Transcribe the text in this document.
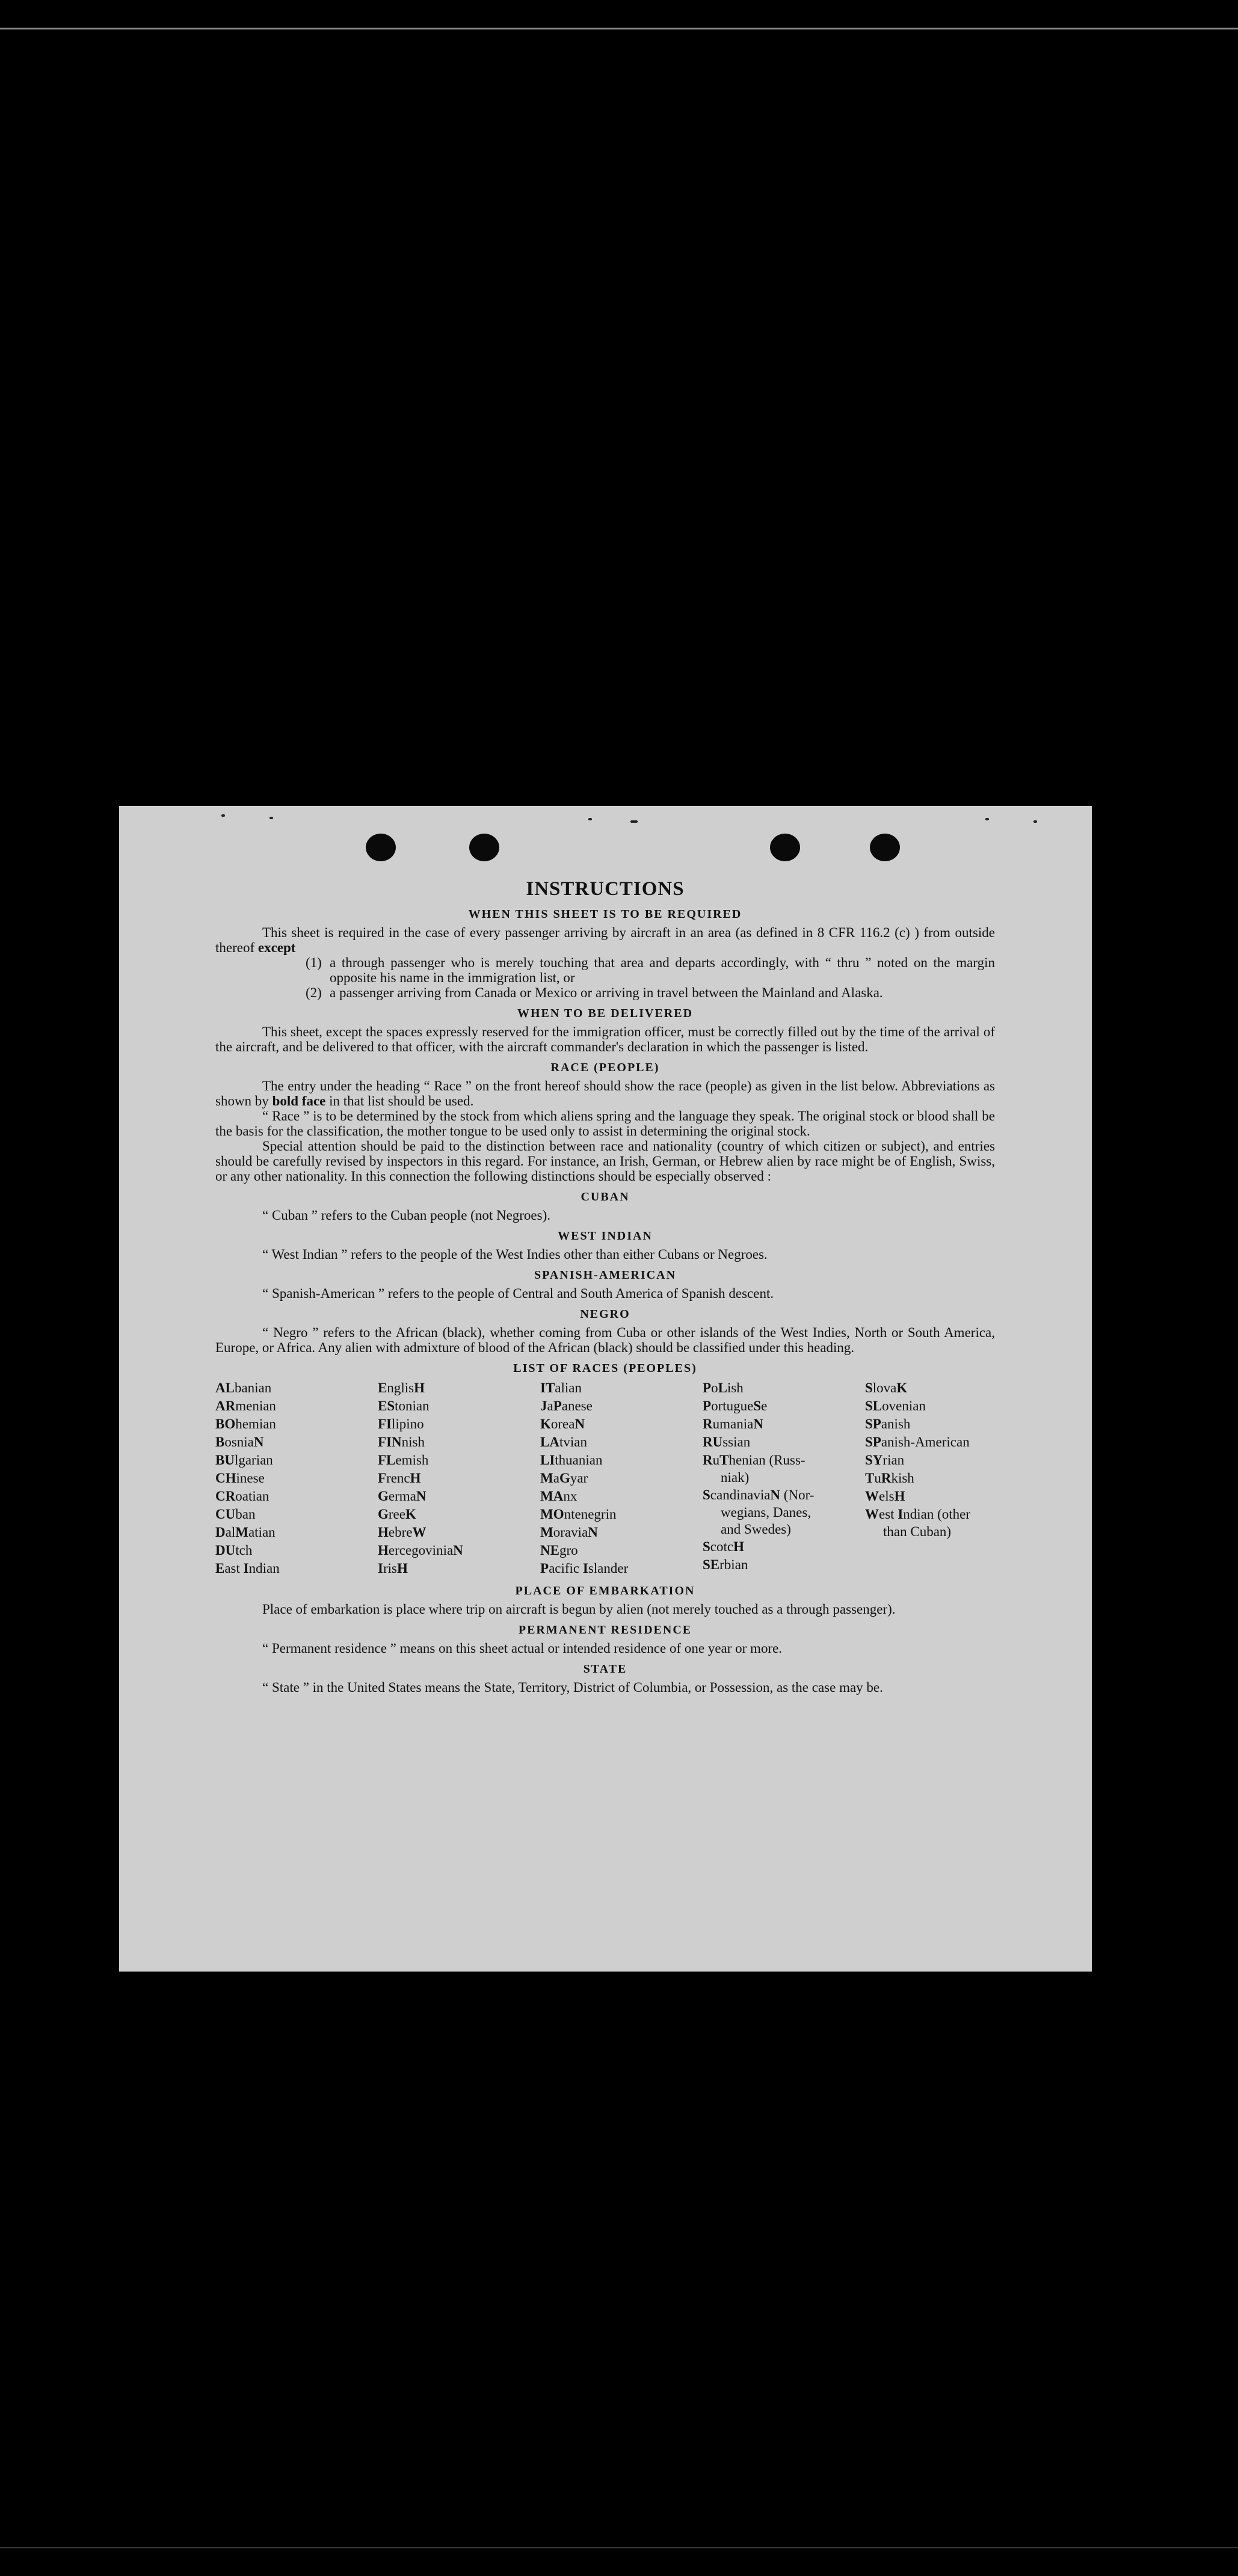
INSTRUCTIONS
WHEN THIS SHEET IS TO BE REQUIRED

This sheet is required in the case of every passenger arriving by aircraft in an area (as defined in 8 CFR 116.2 (c) ) from outside thereof except

(1) a through passenger who is merely touching that area and departs accordingly, with “ thru ” noted on the margin opposite his name in the immigration list, or
(2) a passenger arriving from Canada or Mexico or arriving in travel between the Mainland and Alaska.
WHEN TO BE DELIVERED

This sheet, except the spaces expressly reserved for the immigration officer, must be correctly filled out by the time of the arrival of the aircraft, and be delivered to that officer, with the aircraft commander's declaration in which the passenger is listed.

RACE (PEOPLE)

The entry under the heading “ Race ” on the front hereof should show the race (people) as given in the list below. Abbreviations as shown by bold face in that list should be used.

“ Race ” is to be determined by the stock from which aliens spring and the language they speak. The original stock or blood shall be the basis for the classification, the mother tongue to be used only to assist in determining the original stock.

Special attention should be paid to the distinction between race and nationality (country of which citizen or subject), and entries should be carefully revised by inspectors in this regard. For instance, an Irish, German, or Hebrew alien by race might be of English, Swiss, or any other nationality. In this connection the following distinctions should be especially observed :

CUBAN

“ Cuban ” refers to the Cuban people (not Negroes).

WEST INDIAN

“ West Indian ” refers to the people of the West Indies other than either Cubans or Negroes.

SPANISH-AMERICAN

“ Spanish-American ” refers to the people of Central and South America of Spanish descent.

NEGRO

“ Negro ” refers to the African (black), whether coming from Cuba or other islands of the West Indies, North or South America, Europe, or Africa. Any alien with admixture of blood of the African (black) should be classified under this heading.

LIST OF RACES (PEOPLES)
ALbanian
ARmenian
BOhemian
BosniaN
BUlgarian
CHinese
CRoatian
CUban
DalMatian
DUtch
East Indian
EnglisH
EStonian
FIlipino
FINnish
FLemish
FrencH
GermaN
GreeK
HebreW
HercegoviniaN
IrisH
ITalian
JaPanese
KoreaN
LAtvian
LIthuanian
MaGyar
MAnx
MOntenegrin
MoraviaN
NEgro
Pacific Islander
PoLish
PortugueSe
RumaniaN
RUssian
RuThenian (Russ-
niak)
ScandinaviaN (Nor-
wegians, Danes,
and Swedes)
ScotcH
SErbian
SlovaK
SLovenian
SPanish
SPanish-American
SYrian
TuRkish
WelsH
West Indian (other
than Cuban)
PLACE OF EMBARKATION

Place of embarkation is place where trip on aircraft is begun by alien (not merely touched as a through passenger).

PERMANENT RESIDENCE

“ Permanent residence ” means on this sheet actual or intended residence of one year or more.

STATE

“ State ” in the United States means the State, Territory, District of Columbia, or Possession, as the case may be.
